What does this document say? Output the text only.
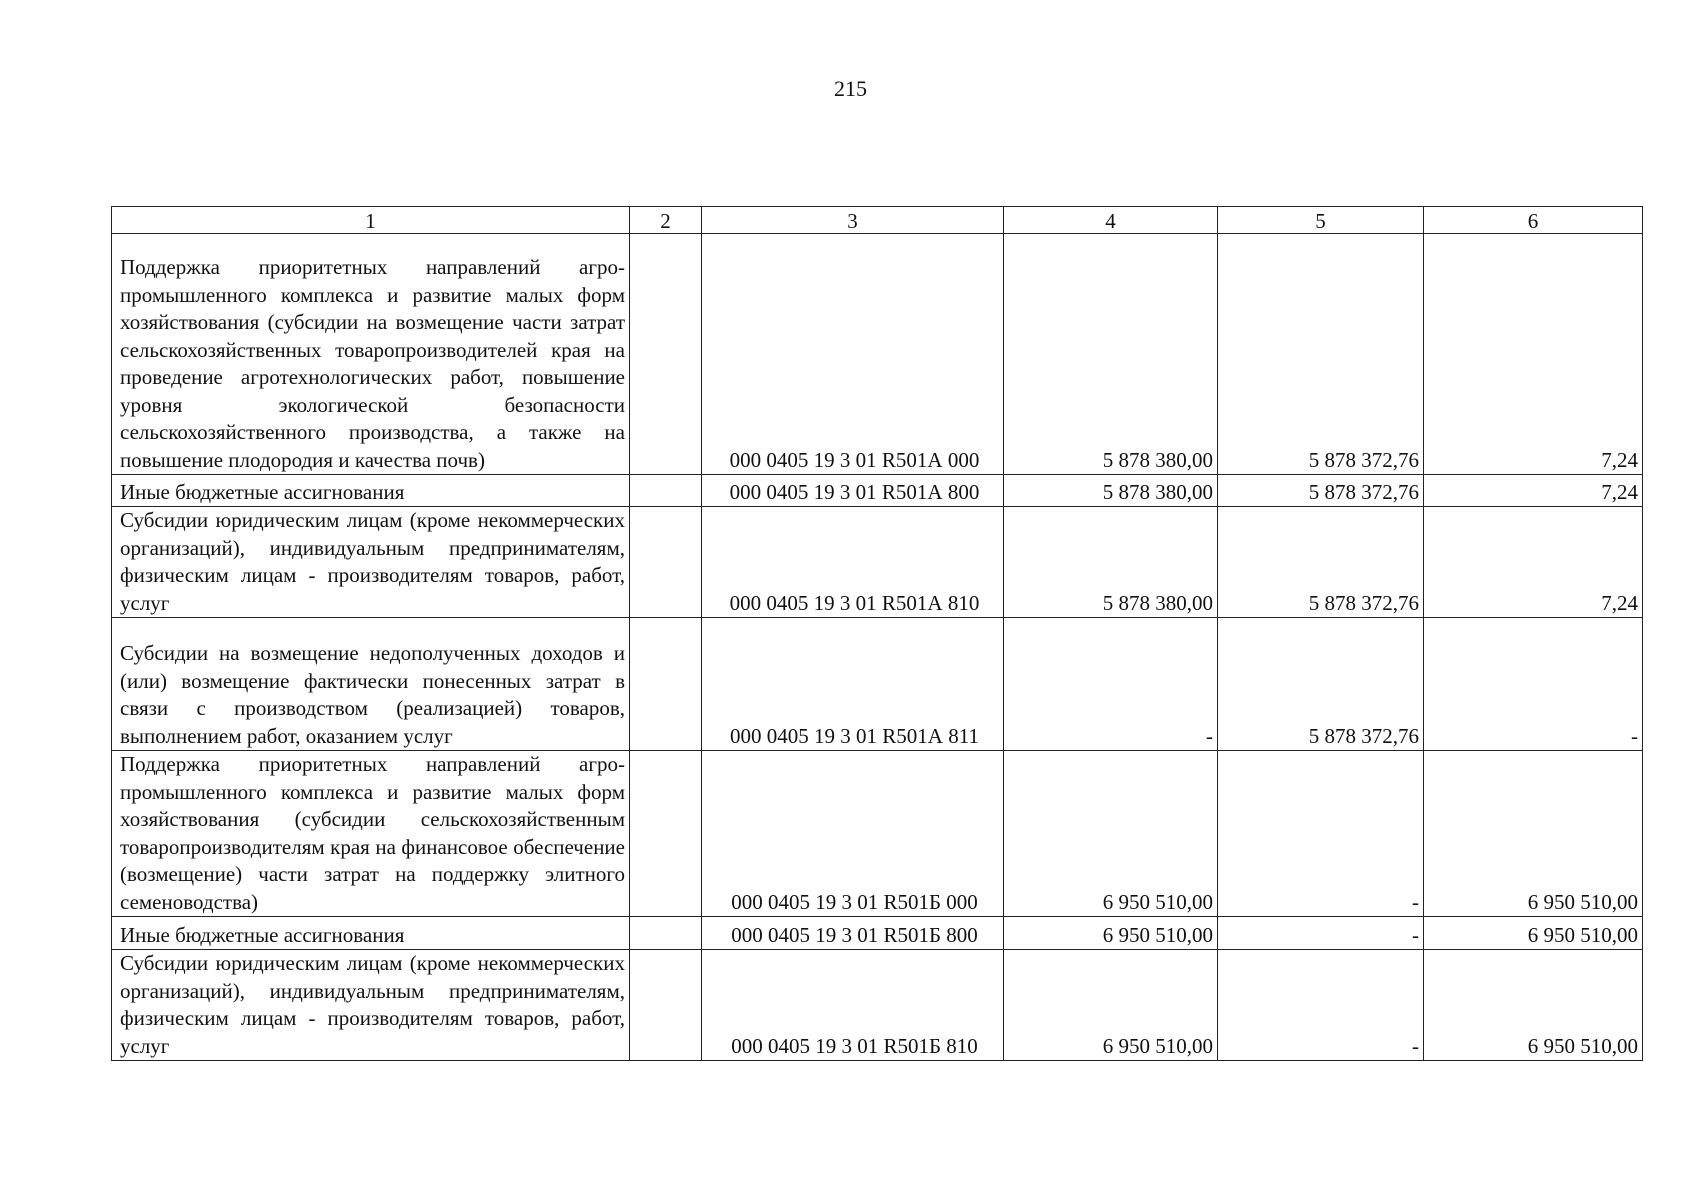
215
1	2	3	4	5	6
Поддержка приоритетных направлений агропромышленного комплекса и развитие малых форм хозяйствования (субсидии на возмещение части затрат сельскохозяйственных товаропроизводителей края на проведение агротехнологических работ, повышение уровня экологической безопасности сельскохозяйственного производства, а также на повышение плодородия и качества почв)		000 0405 19 3 01 R501А 000	5 878 380,00	5 878 372,76	7,24
Иные бюджетные ассигнования		000 0405 19 3 01 R501А 800	5 878 380,00	5 878 372,76	7,24
Субсидии юридическим лицам (кроме некоммерческих организаций), индивидуальным предпринимателям, физическим лицам - производителям товаров, работ, услуг		000 0405 19 3 01 R501А 810	5 878 380,00	5 878 372,76	7,24
Субсидии на возмещение недополученных доходов и (или) возмещение фактически понесенных затрат в связи с производством (реализацией) товаров, выполнением работ, оказанием услуг		000 0405 19 3 01 R501А 811	-	5 878 372,76	-
Поддержка приоритетных направлений агропромышленного комплекса и развитие малых форм хозяйствования (субсидии сельскохозяйственным товаропроизводителям края на финансовое обеспечение (возмещение) части затрат на поддержку элитного семеноводства)		000 0405 19 3 01 R501Б 000	6 950 510,00	-	6 950 510,00
Иные бюджетные ассигнования		000 0405 19 3 01 R501Б 800	6 950 510,00	-	6 950 510,00
Субсидии юридическим лицам (кроме некоммерческих организаций), индивидуальным предпринимателям, физическим лицам - производителям товаров, работ, услуг		000 0405 19 3 01 R501Б 810	6 950 510,00	-	6 950 510,00
